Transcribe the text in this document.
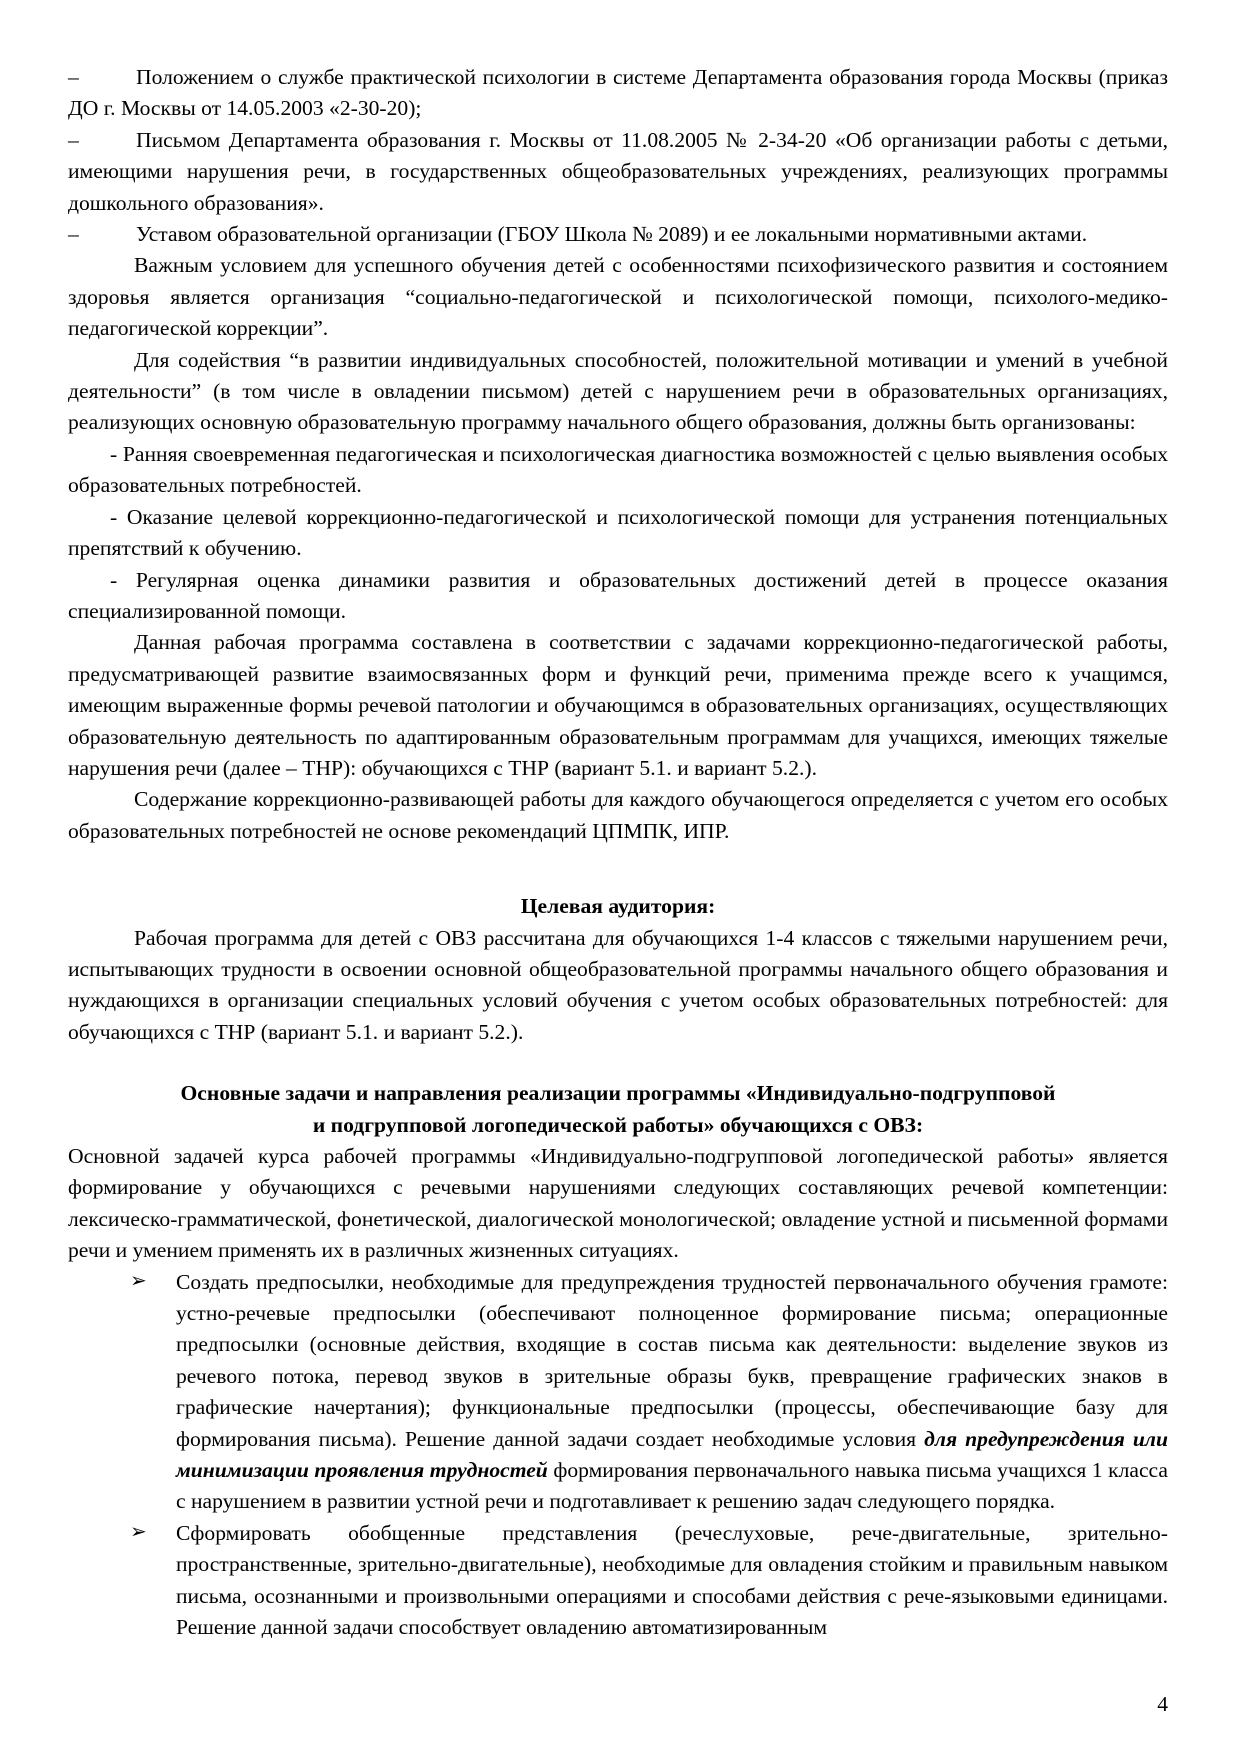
–	Положением о службе практической психологии в системе Департамента образования города Москвы (приказ ДО г. Москвы от 14.05.2003 «2-30-20);

–	Письмом Департамента образования г. Москвы от 11.08.2005 № 2-34-20 «Об организации работы с детьми, имеющими нарушения речи, в государственных общеобразовательных учреждениях, реализующих программы дошкольного образования».

–	Уставом образовательной организации (ГБОУ Школа № 2089) и ее локальными нормативными актами.

Важным условием для успешного обучения детей с особенностями психофизического развития и состоянием здоровья является организация “социально-педагогической и психологической помощи, психолого-медико-педагогической коррекции”.

Для содействия “в развитии индивидуальных способностей, положительной мотивации и умений в учебной деятельности” (в том числе в овладении письмом) детей с нарушением речи в образовательных организациях, реализующих основную образовательную программу начального общего образования, должны быть организованы:

- Ранняя своевременная педагогическая и психологическая диагностика возможностей с целью выявления особых образовательных потребностей.

- Оказание целевой коррекционно-педагогической и психологической помощи для устранения потенциальных препятствий к обучению.

- Регулярная оценка динамики развития и образовательных достижений детей в процессе оказания специализированной помощи.

Данная рабочая программа составлена в соответствии с задачами коррекционно-педагогической работы, предусматривающей развитие взаимосвязанных форм и функций речи, применима прежде всего к учащимся, имеющим выраженные формы речевой патологии и обучающимся в образовательных организациях, осуществляющих образовательную деятельность по адаптированным образовательным программам для учащихся, имеющих тяжелые нарушения речи (далее – ТНР): обучающихся с ТНР (вариант 5.1. и вариант 5.2.).

Содержание коррекционно-развивающей работы для каждого обучающегося определяется с учетом его особых образовательных потребностей не основе рекомендаций ЦПМПК, ИПР.

Целевая аудитория:

Рабочая программа для детей с ОВЗ рассчитана для обучающихся 1-4 классов с тяжелыми нарушением речи, испытывающих трудности в освоении основной общеобразовательной программы начального общего образования и нуждающихся в организации специальных условий обучения с учетом особых образовательных потребностей: для обучающихся с ТНР (вариант 5.1. и вариант 5.2.).

Основные задачи и направления реализации программы «Индивидуально-подгрупповой

и подгрупповой логопедической работы» обучающихся с ОВЗ:

Основной задачей курса рабочей программы «Индивидуально-подгрупповой логопедической работы» является формирование у обучающихся с речевыми нарушениями следующих составляющих речевой компетенции: лексическо-грамматической, фонетической, диалогической монологической; овладение устной и письменной формами речи и умением применять их в различных жизненных ситуациях.

➢ Создать предпосылки, необходимые для предупреждения трудностей первоначального обучения грамоте: устно-речевые предпосылки (обеспечивают полноценное формирование письма; операционные предпосылки (основные действия, входящие в состав письма как деятельности: выделение звуков из речевого потока, перевод звуков в зрительные образы букв, превращение графических знаков в графические начертания); функциональные предпосылки (процессы, обеспечивающие базу для формирования письма). Решение данной задачи создает необходимые условия для предупреждения или минимизации проявления трудностей формирования первоначального навыка письма учащихся 1 класса с нарушением в развитии устной речи и подготавливает к решению задач следующего порядка.

➢ Сформировать обобщенные представления (речеслуховые, рече-двигательные, зрительно-пространственные, зрительно-двигательные), необходимые для овладения стойким и правильным навыком письма, осознанными и произвольными операциями и способами действия с рече-языковыми единицами. Решение данной задачи способствует овладению автоматизированным

4
